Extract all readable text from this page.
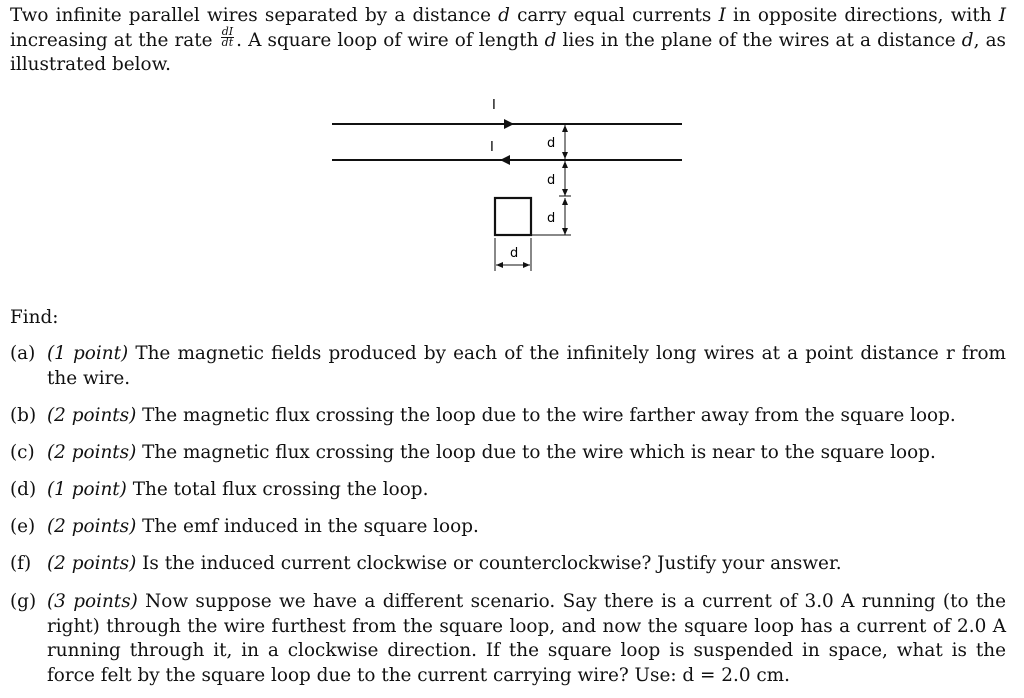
Two infinite parallel wires separated by a distance d carry equal currents I in opposite directions, with I increasing at the rate $\frac{dI}{dt}$ . A square loop of wire of length d lies in the plane of the wires at a distance d, as illustrated below.
I
I	d
d
d
d
Find:
(a) (1 point) The magnetic fields produced by each of the infinitely long wires at a point distance r from the wire.
(b) (2 points) The magnetic flux crossing the loop due to the wire farther away from the square loop.
(c) (2 points) The magnetic flux crossing the loop due to the wire which is near to the square loop.
(d) (1 point) The total flux crossing the loop.
(e) (2 points) The emf induced in the square loop.
(f) (2 points) Is the induced current clockwise or counterclockwise? Justify your answer.
(g) (3 points) Now suppose we have a different scenario. Say there is a current of 3.0 A running (to the right) through the wire furthest from the square loop, and now the square loop has a current of 2.0 A running through it, in a clockwise direction. If the square loop is suspended in space, what is the force felt by the square loop due to the current carrying wire? Use: d = 2.0 cm.
